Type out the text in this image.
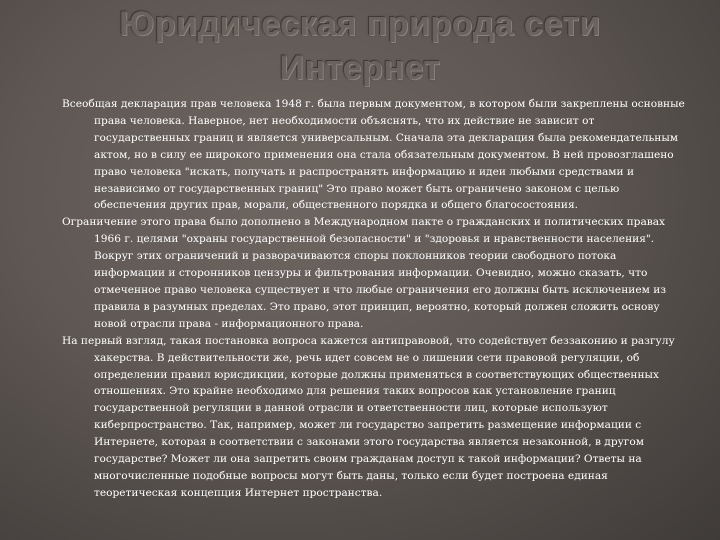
Юридическая природа сети
Интернет

Всеобщая декларация прав человека 1948 г. была первым документом, в котором были закреплены основные права человека. Наверное, нет необходимости объяснять, что их действие не зависит от государственных границ и является универсальным. Сначала эта декларация была рекомендательным актом, но в силу ее широкого применения она стала обязательным документом. В ней провозглашено право человека "искать, получать и распространять информацию и идеи любыми средствами и независимо от государственных границ" Это право может быть ограничено законом с целью обеспечения других прав, морали, общественного порядка и общего благосостояния.

Ограничение этого права было дополнено в Международном пакте о гражданских и политических правах 1966 г. целями "охраны государственной безопасности" и "здоровья и нравственности населения". Вокруг этих ограничений и разворачиваются споры поклонников теории свободного потока информации и сторонников цензуры и фильтрования информации. Очевидно, можно сказать, что отмеченное право человека существует и что любые ограничения его должны быть исключением из правила в разумных пределах. Это право, этот принцип, вероятно, который должен сложить основу новой отрасли права - информационного права.

На первый взгляд, такая постановка вопроса кажется антиправовой, что содействует беззаконию и разгулу хакерства. В действительности же, речь идет совсем не о лишении сети правовой регуляции, об определении правил юрисдикции, которые должны применяться в соответствующих общественных отношениях. Это крайне необходимо для решения таких вопросов как установление границ государственной регуляции в данной отрасли и ответственности лиц, которые используют киберпространство. Так, например, может ли государство запретить размещение информации с Интернете, которая в соответствии с законами этого государства является незаконной, в другом государстве? Может ли она запретить своим гражданам доступ к такой информации? Ответы на многочисленные подобные вопросы могут быть даны, только если будет построена единая теоретическая концепция Интернет пространства.
